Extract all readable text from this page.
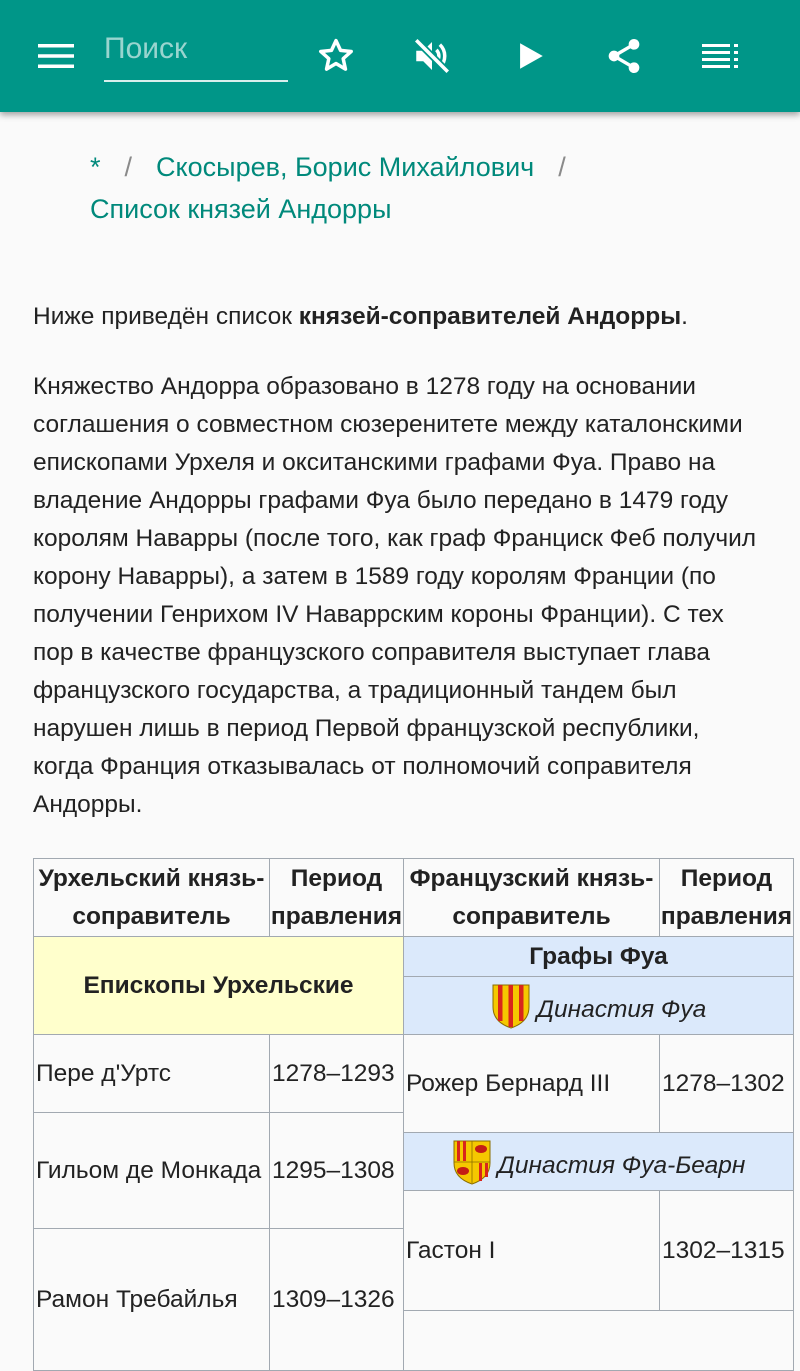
Поиск
* / Скосырев, Борис Михайлович /
Список князей Андорры

Ниже приведён список князей-соправителей Андорры.

Княжество Андорра образовано в 1278 году на основании соглашения о совместном сюзеренитете между каталонскими епископами Урхеля и окситанскими графами Фуа. Право на владение Андорры графами Фуа было передано в 1479 году королям Наварры (после того, как граф Франциск Феб получил корону Наварры), а затем в 1589 году королям Франции (по получении Генрихом IV Наваррским короны Франции). С тех пор в качестве французского соправителя выступает глава французского государства, а традиционный тандем был нарушен лишь в период Первой французской республики, когда Франция отказывалась от полномочий соправителя Андорры.

Урхельский князь-соправитель	Период правления	Французский князь-соправитель	Период правления
Епископы Урхельские		Графы Фуа	
		Династия Фуа	
Пере д'Уртс	1278–1293	Рожер Бернард III	1278–1302

Гильом де Монкада	1295–1308		
		Династия Фуа-Беарн	
		Гастон I	1302–1315
Рамон Требайлья	1309–1326		
